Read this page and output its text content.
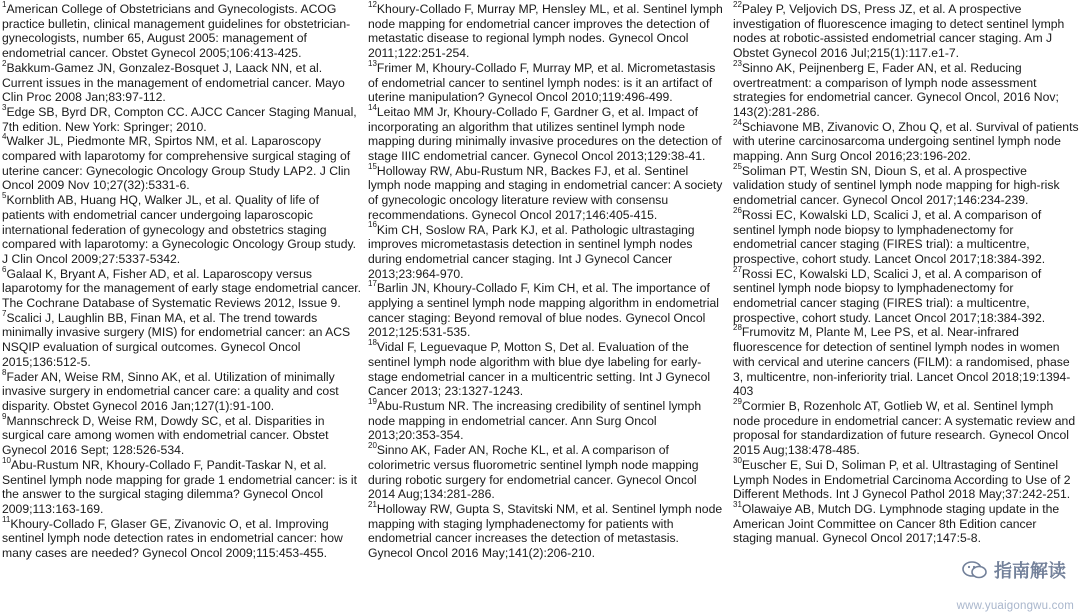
$^1$American College of Obstetricians and Gynecologists. ACOG practice bulletin, clinical management guidelines for obstetrician-gynecologists, number 65, August 2005: management of endometrial cancer. Obstet Gynecol 2005;106:413-425.

$^2$Bakkum-Gamez JN, Gonzalez-Bosquet J, Laack NN, et al. Current issues in the management of endometrial cancer. Mayo Clin Proc 2008 Jan;83:97-112.

$^3$Edge SB, Byrd DR, Compton CC. AJCC Cancer Staging Manual, 7th edition. New York: Springer; 2010.

$^4$Walker JL, Piedmonte MR, Spirtos NM, et al. Laparoscopy compared with laparotomy for comprehensive surgical staging of uterine cancer: Gynecologic Oncology Group Study LAP2. J Clin Oncol 2009 Nov 10;27(32):5331-6.

$^5$Kornblith AB, Huang HQ, Walker JL, et al. Quality of life of patients with endometrial cancer undergoing laparoscopic international federation of gynecology and obstetrics staging compared with laparotomy: a Gynecologic Oncology Group study. J Clin Oncol 2009;27:5337-5342.

$^6$Galaal K, Bryant A, Fisher AD, et al. Laparoscopy versus laparotomy for the management of early stage endometrial cancer. The Cochrane Database of Systematic Reviews 2012, Issue 9.

$^7$Scalici J, Laughlin BB, Finan MA, et al. The trend towards minimally invasive surgery (MIS) for endometrial cancer: an ACS NSQIP evaluation of surgical outcomes. Gynecol Oncol 2015;136:512-5.

$^8$Fader AN, Weise RM, Sinno AK, et al. Utilization of minimally invasive surgery in endometrial cancer care: a quality and cost disparity. Obstet Gynecol 2016 Jan;127(1):91-100.

$^9$Mannschreck D, Weise RM, Dowdy SC, et al. Disparities in surgical care among women with endometrial cancer. Obstet Gynecol 2016 Sept; 128:526-534.

$^{10}$Abu-Rustum NR, Khoury-Collado F, Pandit-Taskar N, et al. Sentinel lymph node mapping for grade 1 endometrial cancer: is it the answer to the surgical staging dilemma? Gynecol Oncol 2009;113:163-169.

$^{11}$Khoury-Collado F, Glaser GE, Zivanovic O, et al. Improving sentinel lymph node detection rates in endometrial cancer: how many cases are needed? Gynecol Oncol 2009;115:453-455.

$^{12}$Khoury-Collado F, Murray MP, Hensley ML, et al. Sentinel lymph node mapping for endometrial cancer improves the detection of metastatic disease to regional lymph nodes. Gynecol Oncol 2011;122:251-254.

$^{13}$Frimer M, Khoury-Collado F, Murray MP, et al. Micrometastasis of endometrial cancer to sentinel lymph nodes: is it an artifact of uterine manipulation? Gynecol Oncol 2010;119:496-499.

$^{14}$Leitao MM Jr, Khoury-Collado F, Gardner G, et al. Impact of incorporating an algorithm that utilizes sentinel lymph node mapping during minimally invasive procedures on the detection of stage IIIC endometrial cancer. Gynecol Oncol 2013;129:38-41.

$^{15}$Holloway RW, Abu-Rustum NR, Backes FJ, et al. Sentinel lymph node mapping and staging in endometrial cancer: A society of gynecologic oncology literature review with consensu recommendations. Gynecol Oncol 2017;146:405-415.

$^{16}$Kim CH, Soslow RA, Park KJ, et al. Pathologic ultrastaging improves micrometastasis detection in sentinel lymph nodes during endometrial cancer staging. Int J Gynecol Cancer 2013;23:964-970.

$^{17}$Barlin JN, Khoury-Collado F, Kim CH, et al. The importance of applying a sentinel lymph node mapping algorithm in endometrial cancer staging: Beyond removal of blue nodes. Gynecol Oncol 2012;125:531-535.

$^{18}$Vidal F, Leguevaque P, Motton S, Det al. Evaluation of the sentinel lymph node algorithm with blue dye labeling for early-stage endometrial cancer in a multicentric setting. Int J Gynecol Cancer 2013; 23:1327-1243.

$^{19}$Abu-Rustum NR. The increasing credibility of sentinel lymph node mapping in endometrial cancer. Ann Surg Oncol 2013;20:353-354.

$^{20}$Sinno AK, Fader AN, Roche KL, et al. A comparison of colorimetric versus fluorometric sentinel lymph node mapping during robotic surgery for endometrial cancer. Gynecol Oncol 2014 Aug;134:281-286.

$^{21}$Holloway RW, Gupta S, Stavitski NM, et al. Sentinel lymph node mapping with staging lymphadenectomy for patients with endometrial cancer increases the detection of metastasis. Gynecol Oncol 2016 May;141(2):206-210.

$^{22}$Paley P, Veljovich DS, Press JZ, et al. A prospective investigation of fluorescence imaging to detect sentinel lymph nodes at robotic-assisted endometrial cancer staging. Am J Obstet Gynecol 2016 Jul;215(1):117.e1-7.

$^{23}$Sinno AK, Peijnenberg E, Fader AN, et al. Reducing overtreatment: a comparison of lymph node assessment strategies for endometrial cancer. Gynecol Oncol, 2016 Nov; 143(2):281-286.

$^{24}$Schiavone MB, Zivanovic O, Zhou Q, et al. Survival of patients with uterine carcinosarcoma undergoing sentinel lymph node mapping. Ann Surg Oncol 2016;23:196-202.

$^{25}$Soliman PT, Westin SN, Dioun S, et al. A prospective validation study of sentinel lymph node mapping for high-risk endometrial cancer. Gynecol Oncol 2017;146:234-239.

$^{26}$Rossi EC, Kowalski LD, Scalici J, et al. A comparison of sentinel lymph node biopsy to lymphadenectomy for endometrial cancer staging (FIRES trial): a multicentre, prospective, cohort study. Lancet Oncol 2017;18:384-392.

$^{27}$Rossi EC, Kowalski LD, Scalici J, et al. A comparison of sentinel lymph node biopsy to lymphadenectomy for endometrial cancer staging (FIRES trial): a multicentre, prospective, cohort study. Lancet Oncol 2017;18:384-392.

$^{28}$Frumovitz M, Plante M, Lee PS, et al. Near-infrared fluorescence for detection of sentinel lymph nodes in women with cervical and uterine cancers (FILM): a randomised, phase 3, multicentre, non-inferiority trial. Lancet Oncol 2018;19:1394-403

$^{29}$Cormier B, Rozenholc AT, Gotlieb W, et al. Sentinel lymph node procedure in endometrial cancer: A systematic review and proposal for standardization of future research. Gynecol Oncol 2015 Aug;138:478-485.

$^{30}$Euscher E, Sui D, Soliman P, et al. Ultrastaging of Sentinel Lymph Nodes in Endometrial Carcinoma According to Use of 2 Different Methods. Int J Gynecol Pathol 2018 May;37:242-251.

$^{31}$Olawaiye AB, Mutch DG. Lymphnode staging update in the American Joint Committee on Cancer 8th Edition cancer staging manual. Gynecol Oncol 2017;147:5-8.

指南解读
www.yuaigongwu.com
